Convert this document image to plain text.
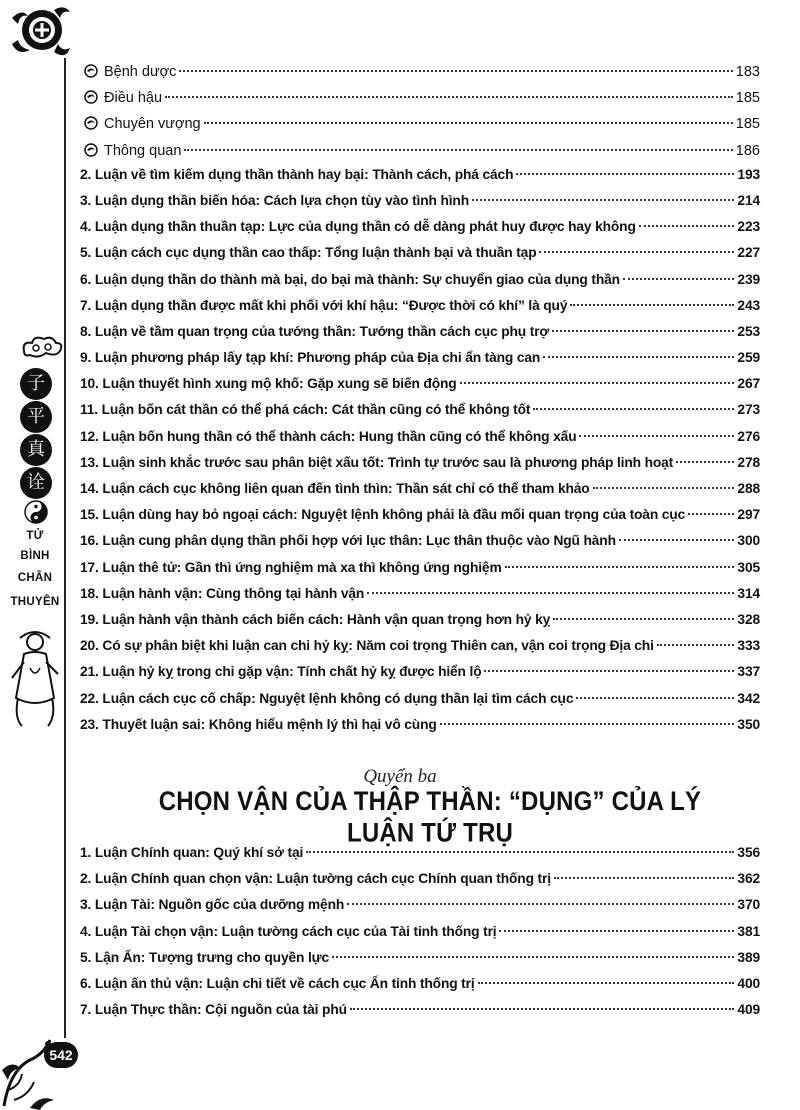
子
平
真
诠
TỬ
BÌNH
CHÂN
THUYÊN
542
Bệnh dược	183
Điều hậu	185
Chuyên vượng	185
Thông quan	186
2. Luận về tìm kiếm dụng thần thành hay bại: Thành cách, phá cách	193
3. Luận dụng thần biến hóa: Cách lựa chọn tùy vào tình hình	214
4. Luận dụng thần thuần tạp: Lực của dụng thần có dễ dàng phát huy được hay không	223
5. Luận cách cục dụng thần cao thấp: Tổng luận thành bại và thuần tạp	227
6. Luận dụng thần do thành mà bại, do bại mà thành: Sự chuyển giao của dụng thần	239
7. Luận dụng thần được mất khi phối với khí hậu: “Được thời có khí” là quý	243
8. Luận về tầm quan trọng của tướng thần: Tướng thần cách cục phụ trợ	253
9. Luận phương pháp lấy tạp khí: Phương pháp của Địa chi ẩn tàng can	259
10. Luận thuyết hình xung mộ khố: Gặp xung sẽ biến động	267
11. Luận bốn cát thần có thể phá cách: Cát thần cũng có thể không tốt	273
12. Luận bốn hung thần có thể thành cách: Hung thần cũng có thể không xấu	276
13. Luận sinh khắc trước sau phân biệt xấu tốt: Trình tự trước sau là phương pháp linh hoạt	278
14. Luận cách cục không liên quan đến tình thìn: Thần sát chỉ có thể tham khảo	288
15. Luận dùng hay bỏ ngoại cách: Nguyệt lệnh không phải là đầu mối quan trọng của toàn cục	297
16. Luận cung phân dụng thần phối hợp với lục thân: Lục thân thuộc vào Ngũ hành	300
17. Luận thê tử: Gần thì ứng nghiệm mà xa thì không ứng nghiệm	305
18. Luận hành vận: Cùng thông tại hành vận	314
19. Luận hành vận thành cách biến cách: Hành vận quan trọng hơn hỷ kỵ	328
20. Có sự phân biệt khi luận can chi hỷ kỵ: Năm coi trọng Thiên can, vận coi trọng Địa chi	333
21. Luận hỷ kỵ trong chi gặp vận: Tính chất hỷ kỵ được hiển lộ	337
22. Luận cách cục cố chấp: Nguyệt lệnh không có dụng thần lại tìm cách cục	342
23. Thuyết luận sai: Không hiểu mệnh lý thì hại vô cùng	350
Quyển ba
CHỌN VẬN CỦA THẬP THẦN: “DỤNG” CỦA LÝ LUẬN TỨ TRỤ
1. Luận Chính quan: Quý khí sở tại	356
2. Luận Chính quan chọn vận: Luận tường cách cục Chính quan thống trị	362
3. Luận Tài: Nguồn gốc của dưỡng mệnh	370
4. Luận Tài chọn vận: Luận tường cách cục của Tài tinh thống trị	381
5. Lận Ấn: Tượng trưng cho quyền lực	389
6. Luận ấn thủ vận: Luận chi tiết về cách cục Ấn tinh thống trị	400
7. Luận Thực thần: Cội nguồn của tài phú	409
